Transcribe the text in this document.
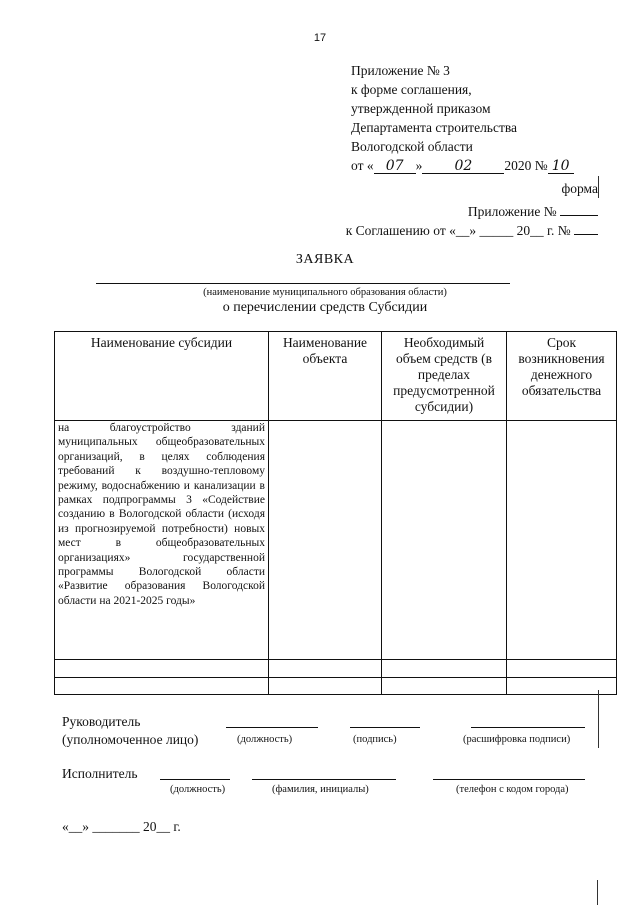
17
Приложение № 3
к форме соглашения,
утвержденной приказом
Департамента строительства
Вологодской области
от « 07 » 02 2020 № 10
форма
Приложение №
к Соглашению от «__» _____ 20__ г. №
ЗАЯВКА
(наименование муниципального образования области)
о перечислении средств Субсидии
Наименование субсидии	Наименование объекта	Необходимый объем средств (в пределах предусмотренной субсидии)	Срок возникновения денежного обязательства
на благоустройство зданий муниципальных общеобразовательных организаций, в целях соблюдения требований к воздушно-тепловому режиму, водоснабжению и канализации в рамках подпрограммы 3 «Содействие созданию в Вологодской области (исходя из прогнозируемой потребности) новых мест в общеобразовательных организациях» государственной программы Вологодской области «Развитие образования Вологодской области на 2021-2025 годы»			

Руководитель
(уполномоченное лицо)	(должность)	(подпись)	(расшифровка подписи)
Исполнитель
(должность)	(фамилия, инициалы)	(телефон с кодом города)
«__» _______ 20__ г.
